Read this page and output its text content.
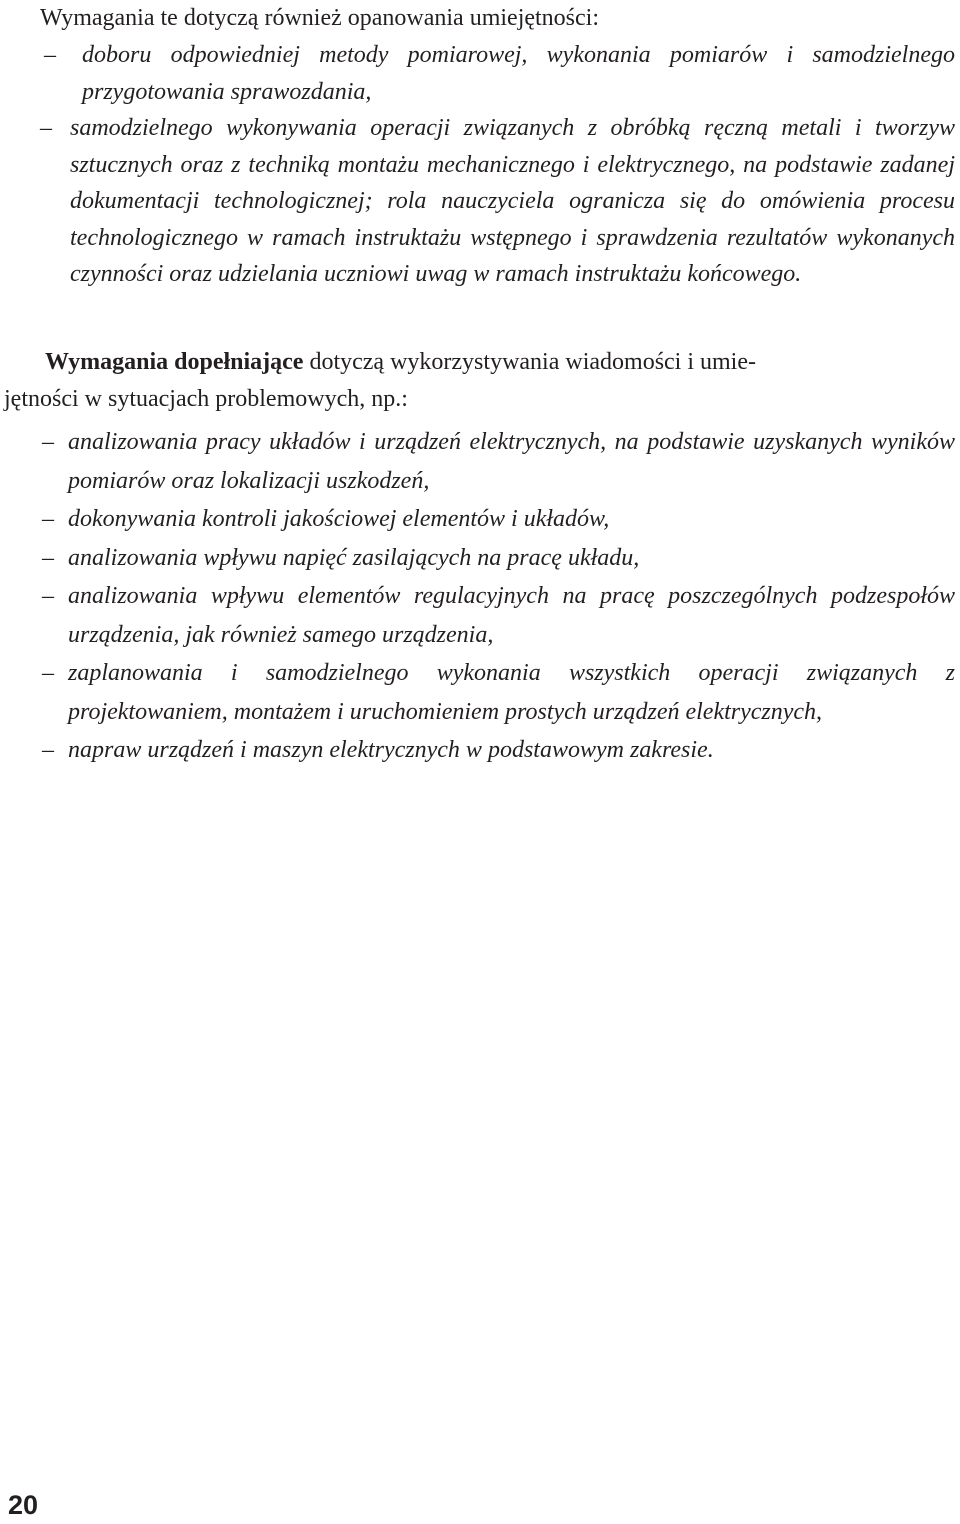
Wymagania te dotyczą również opanowania umiejętności:

– doboru odpowiedniej metody pomiarowej, wykonania pomiarów i samodzielnego przygotowania sprawozdania,
– samodzielnego wykonywania operacji związanych z obróbką ręczną metali i tworzyw sztucznych oraz z techniką montażu mechanicznego i elektrycznego, na podstawie zadanej dokumentacji technologicznej; rola nauczyciela ogranicza się do omówienia procesu technologicznego w ramach instruktażu wstępnego i sprawdzenia rezultatów wykonanych czynności oraz udzielania uczniowi uwag w ramach instruktażu końcowego.

Wymagania dopełniające dotyczą wykorzystywania wiadomości i umie-
jętności w sytuacjach problemowych, np.:

– analizowania pracy układów i urządzeń elektrycznych, na podstawie uzyskanych wyników pomiarów oraz lokalizacji uszkodzeń,
– dokonywania kontroli jakościowej elementów i układów,
– analizowania wpływu napięć zasilających na pracę układu,
– analizowania wpływu elementów regulacyjnych na pracę poszczególnych podzespołów urządzenia, jak również samego urządzenia,
– zaplanowania i samodzielnego wykonania wszystkich operacji związanych z projektowaniem, montażem i uruchomieniem prostych urządzeń elektrycznych,
– napraw urządzeń i maszyn elektrycznych w podstawowym zakresie.
20
